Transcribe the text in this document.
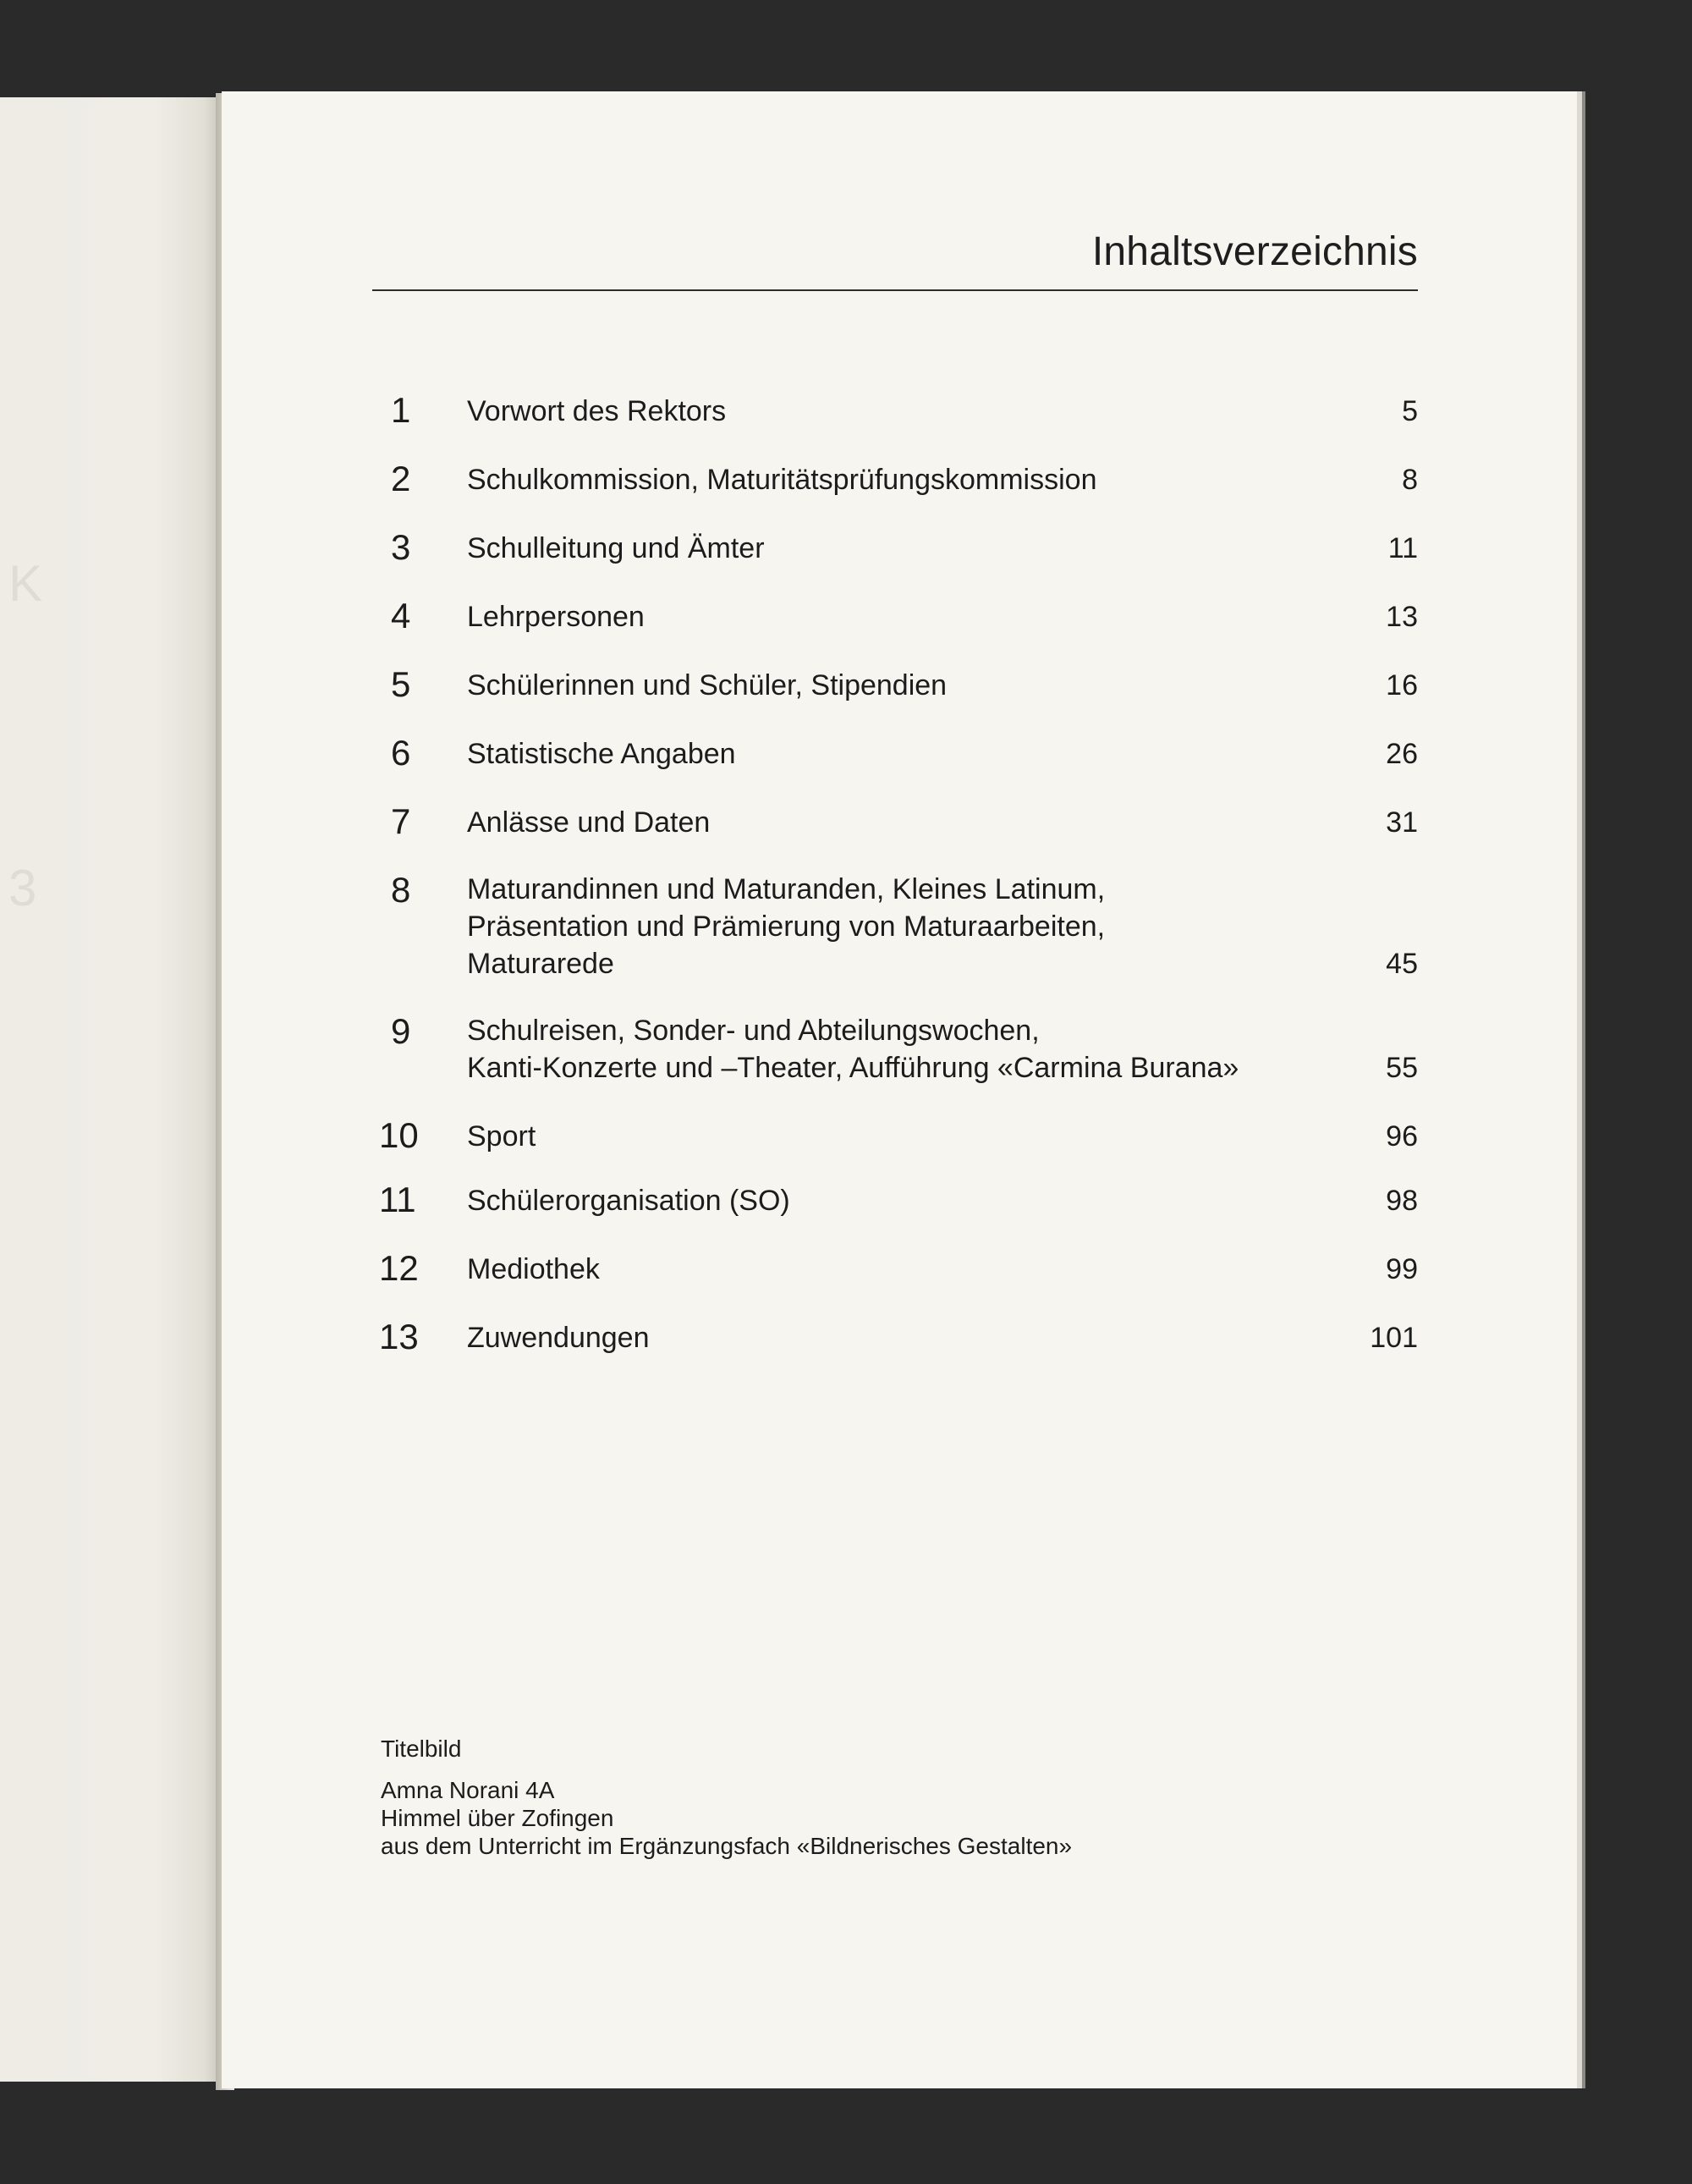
K
3
Inhaltsverzeichnis
1	Vorwort des Rektors	5
2	Schulkommission, Maturitätsprüfungskommission	8
3	Schulleitung und Ämter	11
4	Lehrpersonen	13
5	Schülerinnen und Schüler, Stipendien	16
6	Statistische Angaben	26
7	Anlässe und Daten	31
8	Maturandinnen und Maturanden, Kleines Latinum,
Präsentation und Prämierung von Maturaarbeiten,
Maturarede	45
9	Schulreisen, Sonder- und Abteilungswochen,
Kanti-Konzerte und –Theater, Aufführung «Carmina Burana»	55
10	Sport	96
11	Schülerorganisation (SO)	98
12	Mediothek	99
13	Zuwendungen	101
Titelbild
Amna Norani 4A
Himmel über Zofingen
aus dem Unterricht im Ergänzungsfach «Bildnerisches Gestalten»
